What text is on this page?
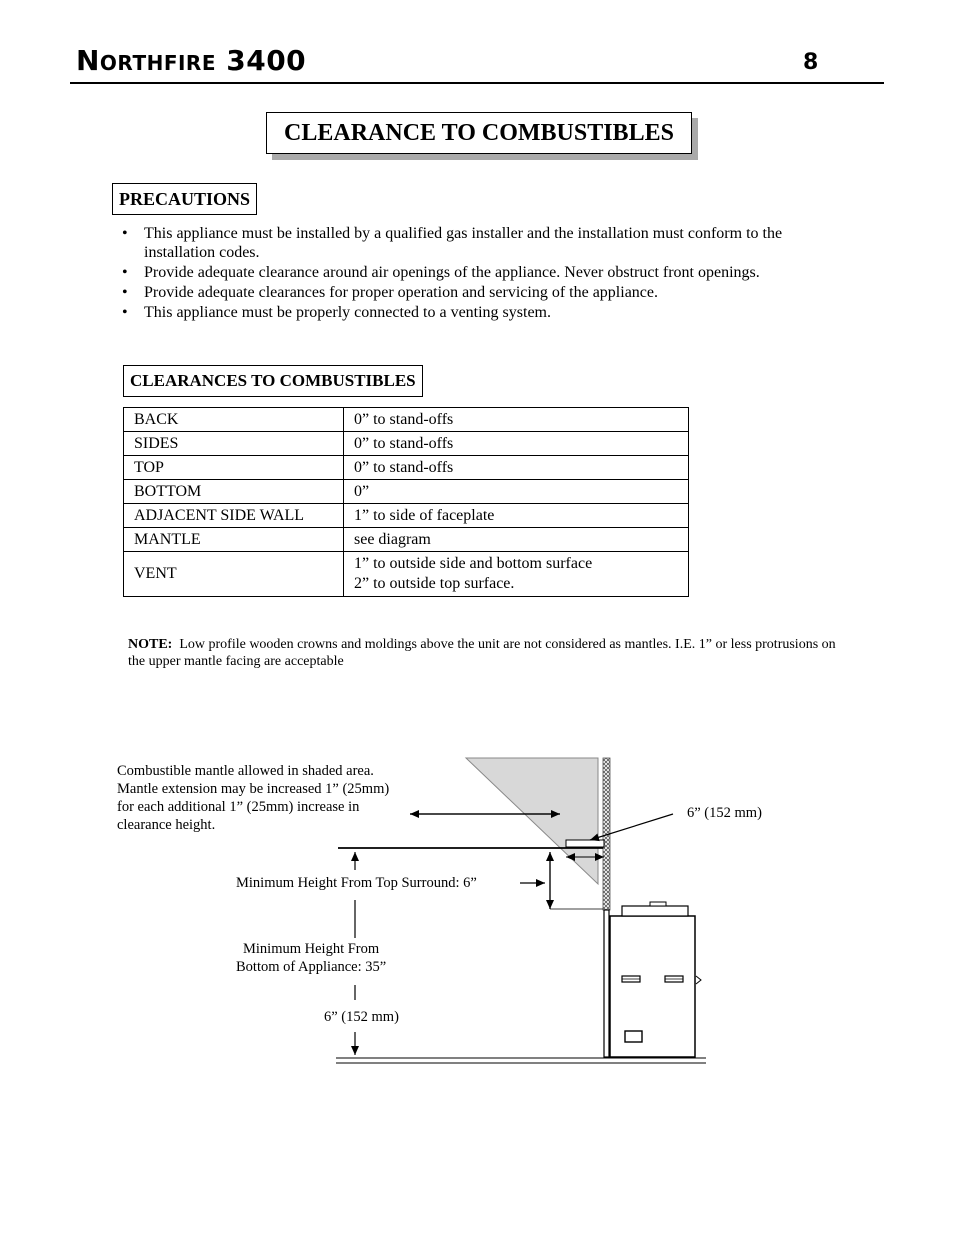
Northfire 3400	8
CLEARANCE TO COMBUSTIBLES
PRECAUTIONS
• This appliance must be installed by a qualified gas installer and the installation must conform to the installation codes.
• Provide adequate clearance around air openings of the appliance. Never obstruct front openings.
• Provide adequate clearances for proper operation and servicing of the appliance.
• This appliance must be properly connected to a venting system.
CLEARANCES TO COMBUSTIBLES
BACK	0” to stand-offs
SIDES	0” to stand-offs
TOP	0” to stand-offs
BOTTOM	0”
ADJACENT SIDE WALL	1” to side of faceplate
MANTLE	see diagram
VENT	1” to outside side and bottom surface
2” to outside top surface.
NOTE: Low profile wooden crowns and moldings above the unit are not considered as mantles. I.E. 1” or less protrusions on the upper mantle facing are acceptable
Combustible mantle allowed in shaded area.
Mantle extension may be increased 1” (25mm)
for each additional 1” (25mm) increase in
clearance height.
6” (152 mm)
Minimum Height From Top Surround: 6”
Minimum Height From
Bottom of Appliance: 35”
6” (152 mm)
